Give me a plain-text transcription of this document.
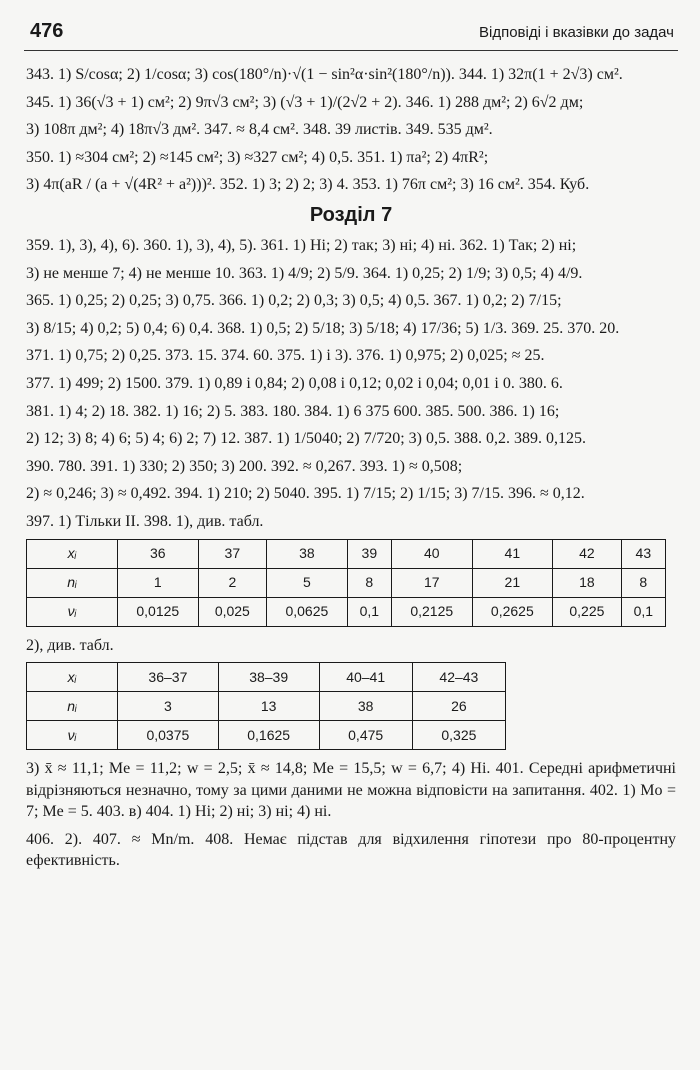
476	Відповіді і вказівки до задач

343. 1) S/cosα; 2) 1/cosα; 3) cos(180°/n)·√(1 − sin²α·sin²(180°/n)). 344. 1) 32π(1 + 2√3) см².

345. 1) 36(√3 + 1) см²; 2) 9π√3 см²; 3) (√3 + 1)/(2√2 + 2). 346. 1) 288 дм²; 2) 6√2 дм;

3) 108π дм²; 4) 18π√3 дм². 347. ≈ 8,4 см². 348. 39 листів. 349. 535 дм².

350. 1) ≈304 см²; 2) ≈145 см²; 3) ≈327 см²; 4) 0,5. 351. 1) πa²; 2) 4πR²;

3) 4π(aR / (a + √(4R² + a²)))². 352. 1) 3; 2) 2; 3) 4. 353. 1) 76π см²; 3) 16 см². 354. Куб.

Розділ 7

359. 1), 3), 4), 6). 360. 1), 3), 4), 5). 361. 1) Ні; 2) так; 3) ні; 4) ні. 362. 1) Так; 2) ні;

3) не менше 7; 4) не менше 10. 363. 1) 4/9; 2) 5/9. 364. 1) 0,25; 2) 1/9; 3) 0,5; 4) 4/9.

365. 1) 0,25; 2) 0,25; 3) 0,75. 366. 1) 0,2; 2) 0,3; 3) 0,5; 4) 0,5. 367. 1) 0,2; 2) 7/15;

3) 8/15; 4) 0,2; 5) 0,4; 6) 0,4. 368. 1) 0,5; 2) 5/18; 3) 5/18; 4) 17/36; 5) 1/3. 369. 25. 370. 20.

371. 1) 0,75; 2) 0,25. 373. 15. 374. 60. 375. 1) і 3). 376. 1) 0,975; 2) 0,025; ≈ 25.

377. 1) 499; 2) 1500. 379. 1) 0,89 і 0,84; 2) 0,08 і 0,12; 0,02 і 0,04; 0,01 і 0. 380. 6.

381. 1) 4; 2) 18. 382. 1) 16; 2) 5. 383. 180. 384. 1) 6 375 600. 385. 500. 386. 1) 16;

2) 12; 3) 8; 4) 6; 5) 4; 6) 2; 7) 12. 387. 1) 1/5040; 2) 7/720; 3) 0,5. 388. 0,2. 389. 0,125.

390. 780. 391. 1) 330; 2) 350; 3) 200. 392. ≈ 0,267. 393. 1) ≈ 0,508;

2) ≈ 0,246; 3) ≈ 0,492. 394. 1) 210; 2) 5040. 395. 1) 7/15; 2) 1/15; 3) 7/15. 396. ≈ 0,12.

397. 1) Тільки II. 398. 1), див. табл.

xᵢ	36	37	38	39	40	41	42	43
nᵢ	1	2	5	8	17	21	18	8
νᵢ	0,0125	0,025	0,0625	0,1	0,2125	0,2625	0,225	0,1

2), див. табл.

xᵢ	36–37	38–39	40–41	42–43
nᵢ	3	13	38	26
νᵢ	0,0375	0,1625	0,475	0,325

3) x̄ ≈ 11,1; Me = 11,2; w = 2,5; x̄ ≈ 14,8; Me = 15,5; w = 6,7; 4) Ні. 401. Середні арифметичні відрізняються незначно, тому за цими даними не можна відповісти на запитання. 402. 1) Mo = 7; Me = 5. 403. в) 404. 1) Ні; 2) ні; 3) ні; 4) ні.

406. 2). 407. ≈ Mn/m. 408. Немає підстав для відхилення гіпотези про 80-процентну ефективність.
